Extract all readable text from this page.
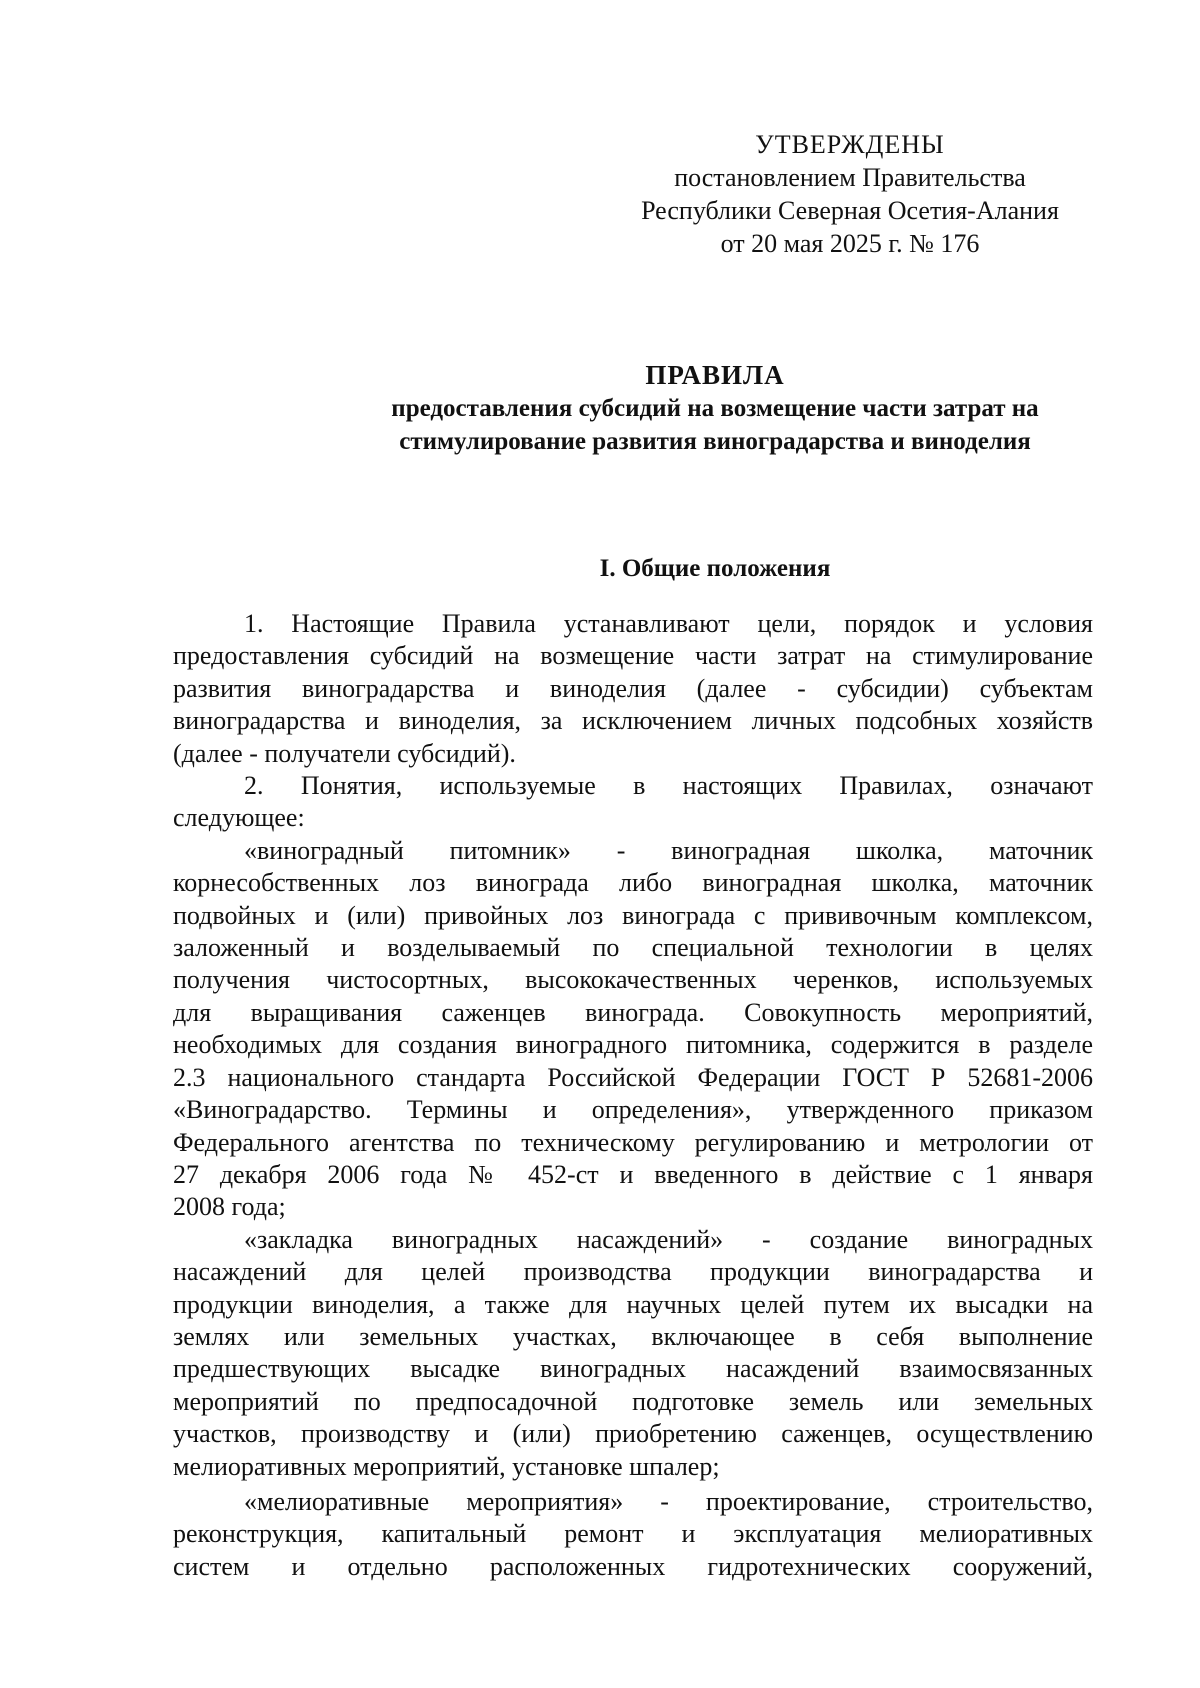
УТВЕРЖДЕНЫ
постановлением Правительства
Республики Северная Осетия-Алания
от 20 мая 2025 г. № 176
ПРАВИЛА
предоставления субсидий на возмещение части затрат на
стимулирование развития виноградарства и виноделия
I. Общие положения
1. Настоящие Правила устанавливают цели, порядок и условия
предоставления субсидий на возмещение части затрат на стимулирование
развития виноградарства и виноделия (далее - субсидии) субъектам
виноградарства и виноделия, за исключением личных подсобных хозяйств
(далее - получатели субсидий).
2. Понятия, используемые в настоящих Правилах, означают
следующее:
«виноградный питомник» - виноградная школка, маточник
корнесобственных лоз винограда либо виноградная школка, маточник
подвойных и (или) привойных лоз винограда с прививочным комплексом,
заложенный и возделываемый по специальной технологии в целях
получения чистосортных, высококачественных черенков, используемых
для выращивания саженцев винограда. Совокупность мероприятий,
необходимых для создания виноградного питомника, содержится в разделе
2.3 национального стандарта Российской Федерации ГОСТ Р 52681-2006
«Виноградарство. Термины и определения», утвержденного приказом
Федерального агентства по техническому регулированию и метрологии от
27 декабря 2006 года № 452-ст и введенного в действие с 1 января
2008 года;
«закладка виноградных насаждений» - создание виноградных
насаждений для целей производства продукции виноградарства и
продукции виноделия, а также для научных целей путем их высадки на
землях или земельных участках, включающее в себя выполнение
предшествующих высадке виноградных насаждений взаимосвязанных
мероприятий по предпосадочной подготовке земель или земельных
участков, производству и (или) приобретению саженцев, осуществлению
мелиоративных мероприятий, установке шпалер;
«мелиоративные мероприятия» - проектирование, строительство,
реконструкция, капитальный ремонт и эксплуатация мелиоративных
систем и отдельно расположенных гидротехнических сооружений,
